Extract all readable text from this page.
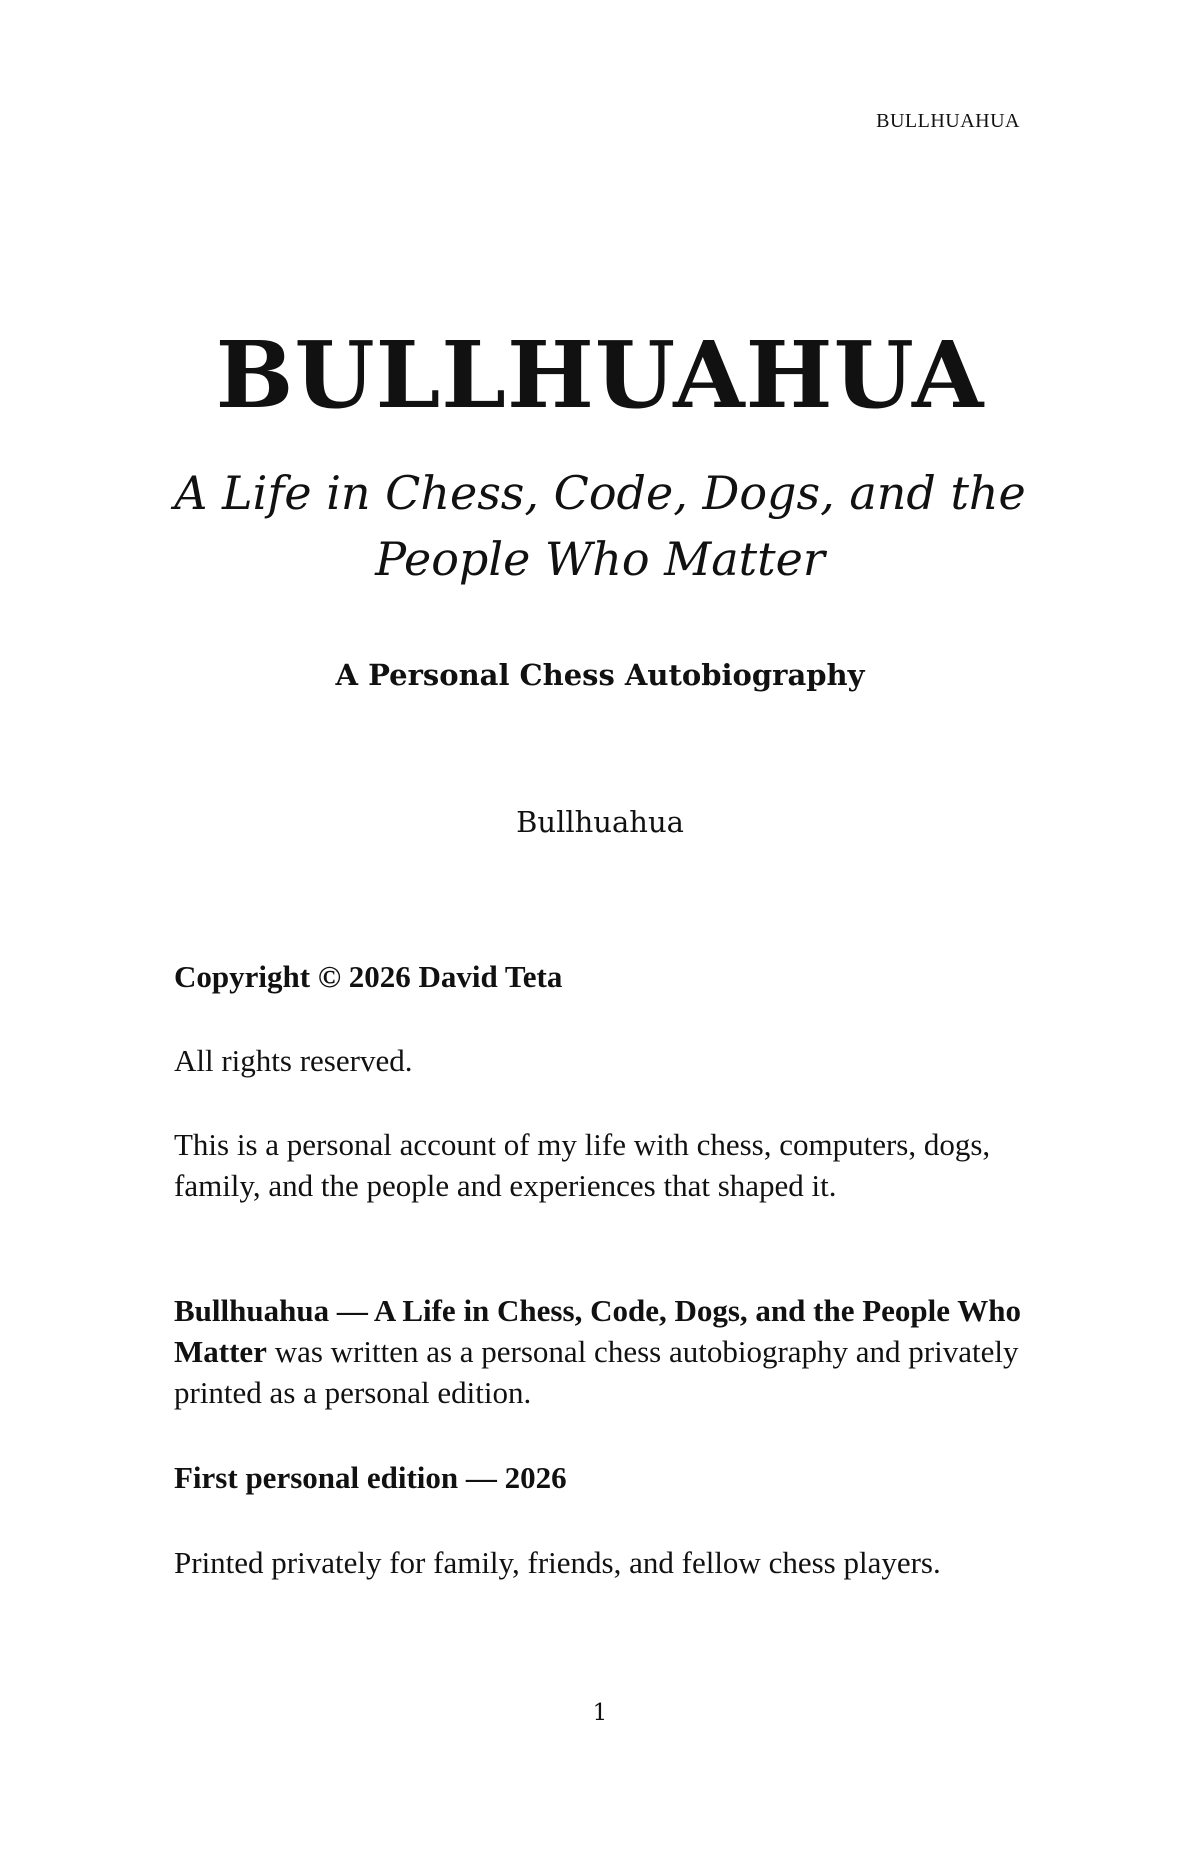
BULLHUAHUA
BULLHUAHUA
A Life in Chess, Code, Dogs, and the
People Who Matter
A Personal Chess Autobiography
Bullhuahua

Copyright © 2026 David Teta

All rights reserved.

This is a personal account of my life with chess, computers, dogs, family, and the people and experiences that shaped it.

Bullhuahua — A Life in Chess, Code, Dogs, and the People Who Matter was written as a personal chess autobiography and privately printed as a personal edition.

First personal edition — 2026

Printed privately for family, friends, and fellow chess players.

1
